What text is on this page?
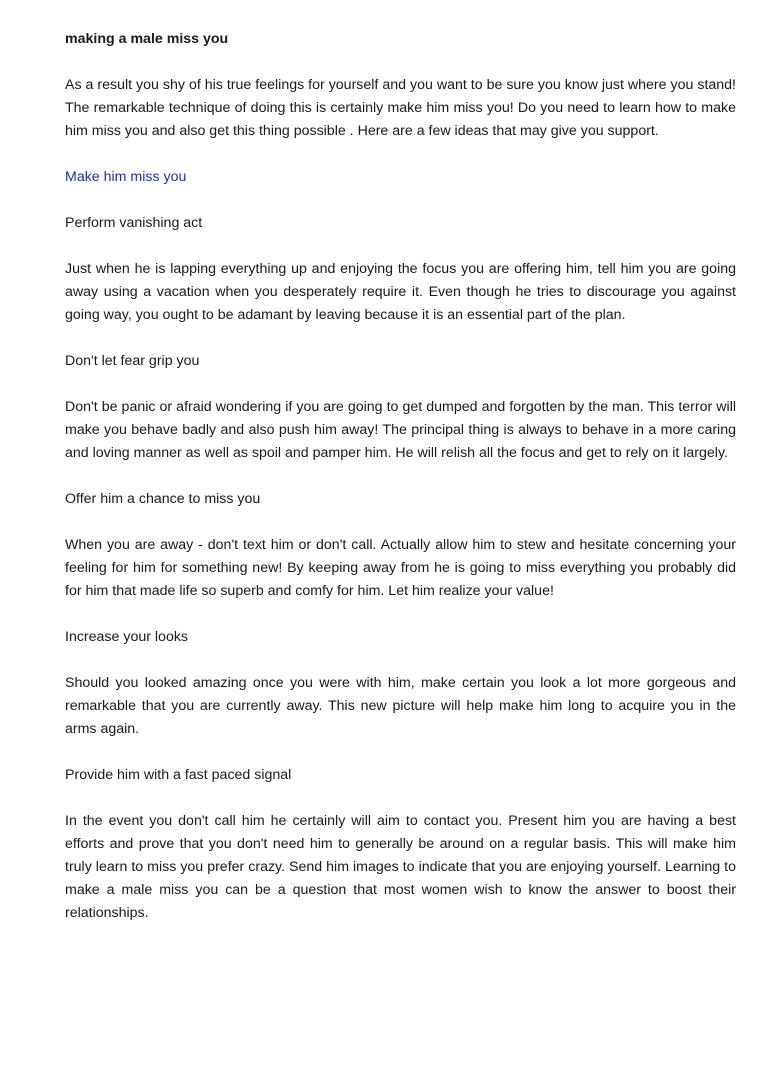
making a male miss you
As a result you shy of his true feelings for yourself and you want to be sure you know just where you stand! The remarkable technique of doing this is certainly make him miss you! Do you need to learn how to make him miss you and also get this thing possible . Here are a few ideas that may give you support.
Make him miss you
Perform vanishing act
Just when he is lapping everything up and enjoying the focus you are offering him, tell him you are going away using a vacation when you desperately require it. Even though he tries to discourage you against going way, you ought to be adamant by leaving because it is an essential part of the plan.
Don't let fear grip you
Don't be panic or afraid wondering if you are going to get dumped and forgotten by the man. This terror will make you behave badly and also push him away! The principal thing is always to behave in a more caring and loving manner as well as spoil and pamper him. He will relish all the focus and get to rely on it largely.
Offer him a chance to miss you
When you are away - don't text him or don't call. Actually allow him to stew and hesitate concerning your feeling for him for something new! By keeping away from he is going to miss everything you probably did for him that made life so superb and comfy for him. Let him realize your value!
Increase your looks
Should you looked amazing once you were with him, make certain you look a lot more gorgeous and remarkable that you are currently away. This new picture will help make him long to acquire you in the arms again.
Provide him with a fast paced signal
In the event you don't call him he certainly will aim to contact you. Present him you are having a best efforts and prove that you don't need him to generally be around on a regular basis. This will make him truly learn to miss you prefer crazy. Send him images to indicate that you are enjoying yourself. Learning to make a male miss you can be a question that most women wish to know the answer to boost their relationships.
